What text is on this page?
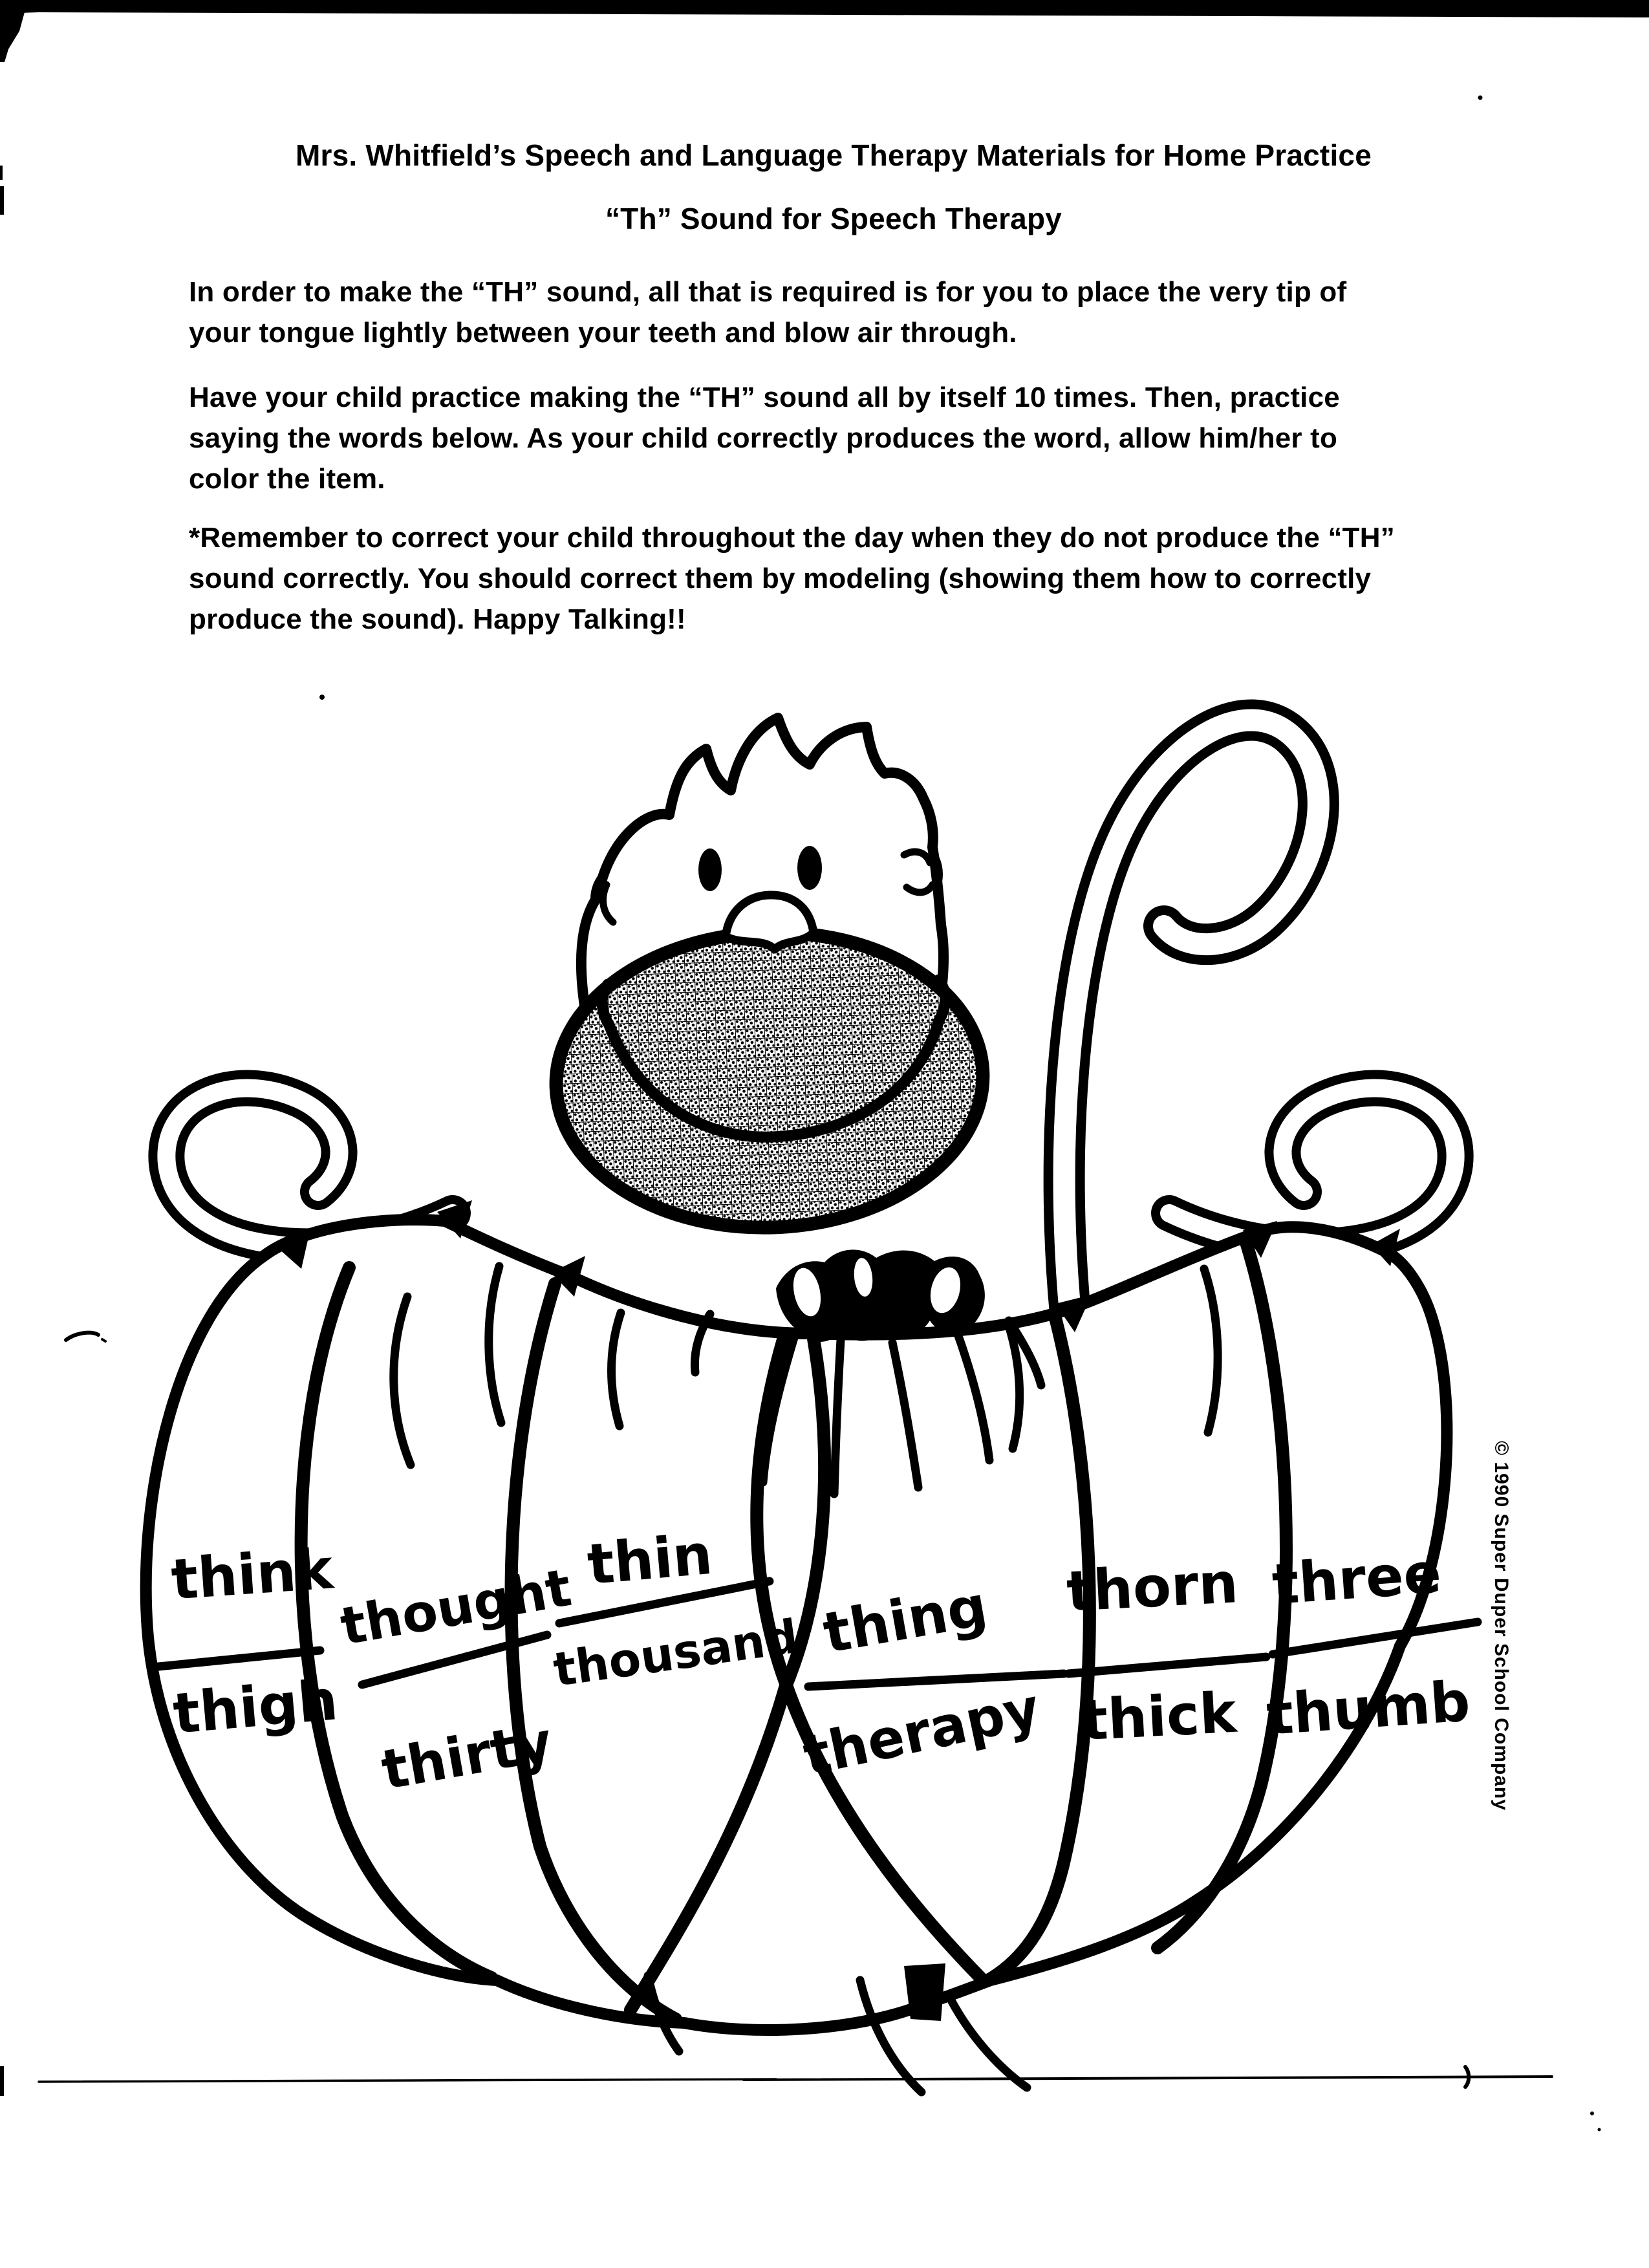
Mrs. Whitfield’s Speech and Language Therapy Materials for Home Practice
“Th” Sound for Speech Therapy
In order to make the “TH” sound, all that is required is for you to place the very tip of your tongue lightly between your teeth and blow air through.
Have your child practice making the “TH” sound all by itself 10 times. Then, practice saying the words below. As your child correctly produces the word, allow him/her to color the item.
*Remember to correct your child throughout the day when they do not produce the “TH” sound correctly. You should correct them by modeling (showing them how to correctly produce the sound). Happy Talking!!
think
thigh
thought
thirty
thin
thousand thing
therapy
thorn
thick
three
thumb © 1990 Super Duper School Company
